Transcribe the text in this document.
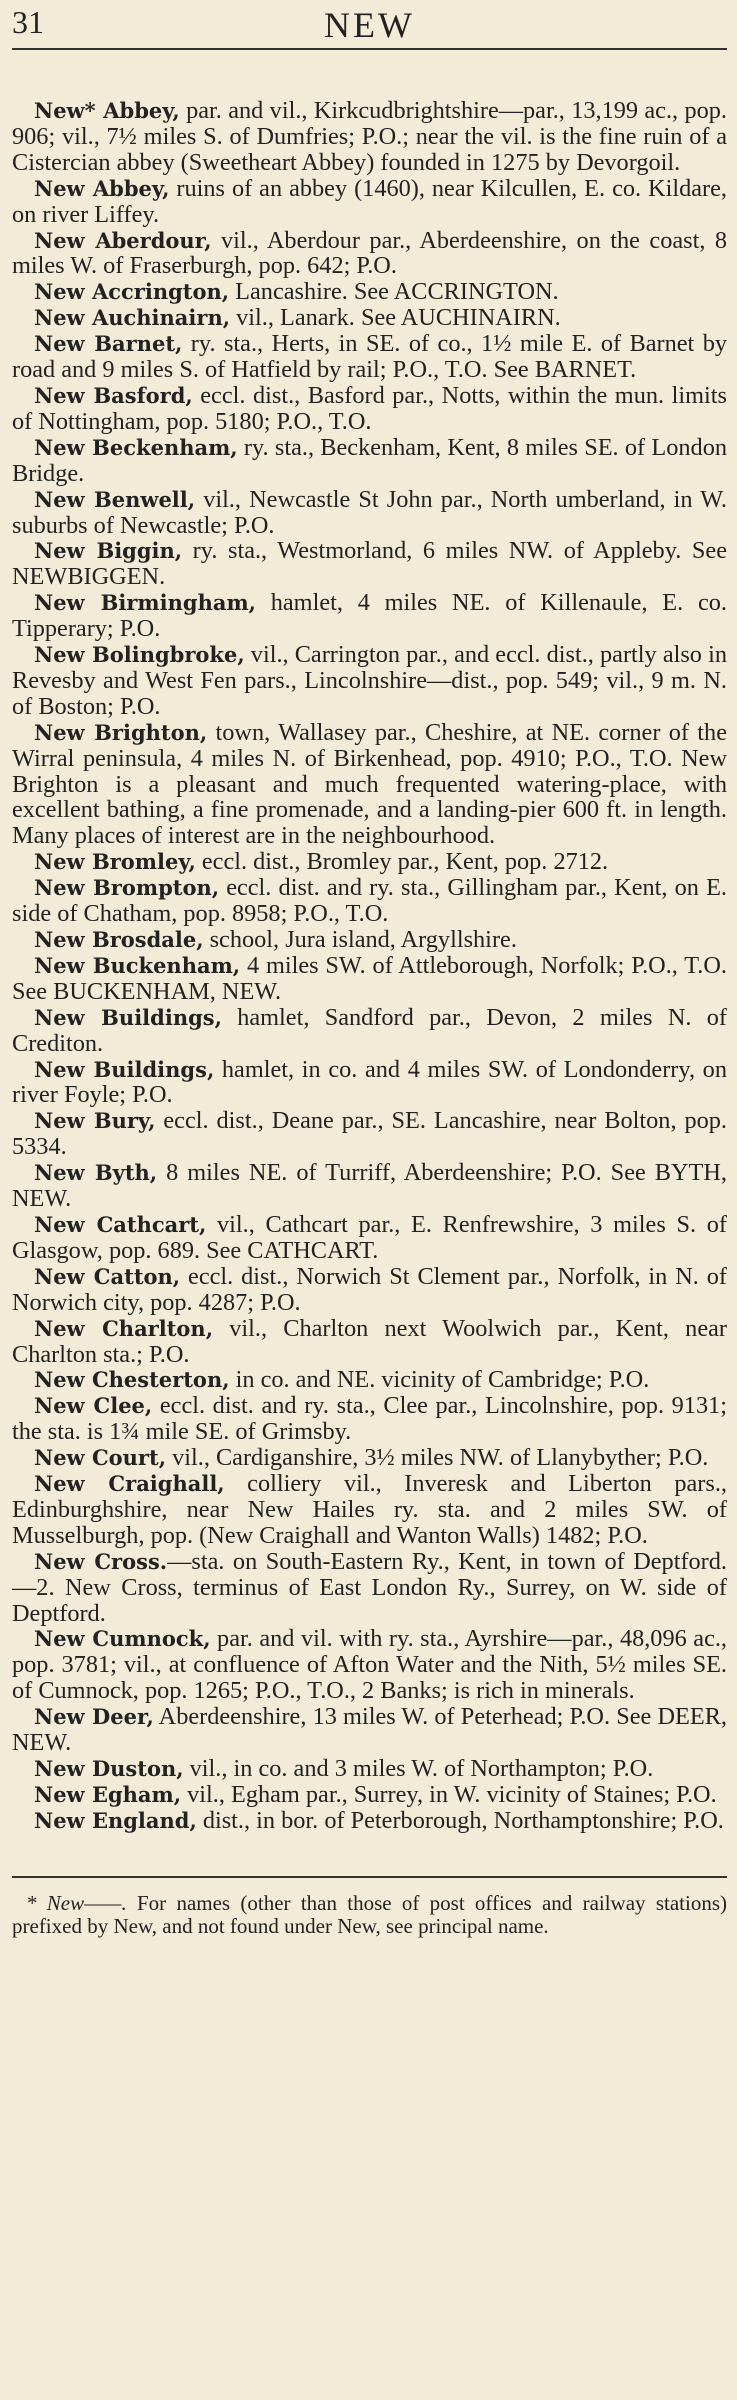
31	NEW

New* Abbey, par. and vil., Kirkcudbrightshire—par., 13,199 ac., pop. 906; vil., 7½ miles S. of Dumfries; P.O.; near the vil. is the fine ruin of a Cistercian abbey (Sweetheart Abbey) founded in 1275 by Devorgoil.

New Abbey, ruins of an abbey (1460), near Kilcullen, E. co. Kildare, on river Liffey.

New Aberdour, vil., Aberdour par., Aberdeenshire, on the coast, 8 miles W. of Fraserburgh, pop. 642; P.O.

New Accrington, Lancashire. See ACCRINGTON.

New Auchinairn, vil., Lanark. See AUCHINAIRN.

New Barnet, ry. sta., Herts, in SE. of co., 1½ mile E. of Barnet by road and 9 miles S. of Hatfield by rail; P.O., T.O. See BARNET.

New Basford, eccl. dist., Basford par., Notts, within the mun. limits of Nottingham, pop. 5180; P.O., T.O.

New Beckenham, ry. sta., Beckenham, Kent, 8 miles SE. of London Bridge.

New Benwell, vil., Newcastle St John par., North umberland, in W. suburbs of Newcastle; P.O.

New Biggin, ry. sta., Westmorland, 6 miles NW. of Appleby. See NEWBIGGEN.

New Birmingham, hamlet, 4 miles NE. of Killenaule, E. co. Tipperary; P.O.

New Bolingbroke, vil., Carrington par., and eccl. dist., partly also in Revesby and West Fen pars., Lincolnshire—dist., pop. 549; vil., 9 m. N. of Boston; P.O.

New Brighton, town, Wallasey par., Cheshire, at NE. corner of the Wirral peninsula, 4 miles N. of Birkenhead, pop. 4910; P.O., T.O. New Brighton is a pleasant and much frequented watering-place, with excellent bathing, a fine promenade, and a landing-pier 600 ft. in length. Many places of interest are in the neighbourhood.

New Bromley, eccl. dist., Bromley par., Kent, pop. 2712.

New Brompton, eccl. dist. and ry. sta., Gillingham par., Kent, on E. side of Chatham, pop. 8958; P.O., T.O.

New Brosdale, school, Jura island, Argyllshire.

New Buckenham, 4 miles SW. of Attleborough, Norfolk; P.O., T.O. See BUCKENHAM, NEW.

New Buildings, hamlet, Sandford par., Devon, 2 miles N. of Crediton.

New Buildings, hamlet, in co. and 4 miles SW. of Londonderry, on river Foyle; P.O.

New Bury, eccl. dist., Deane par., SE. Lancashire, near Bolton, pop. 5334.

New Byth, 8 miles NE. of Turriff, Aberdeenshire; P.O. See BYTH, NEW.

New Cathcart, vil., Cathcart par., E. Renfrewshire, 3 miles S. of Glasgow, pop. 689. See CATHCART.

New Catton, eccl. dist., Norwich St Clement par., Norfolk, in N. of Norwich city, pop. 4287; P.O.

New Charlton, vil., Charlton next Woolwich par., Kent, near Charlton sta.; P.O.

New Chesterton, in co. and NE. vicinity of Cambridge; P.O.

New Clee, eccl. dist. and ry. sta., Clee par., Lincolnshire, pop. 9131; the sta. is 1¾ mile SE. of Grimsby.

New Court, vil., Cardiganshire, 3½ miles NW. of Llanybyther; P.O.

New Craighall, colliery vil., Inveresk and Liberton pars., Edinburghshire, near New Hailes ry. sta. and 2 miles SW. of Musselburgh, pop. (New Craighall and Wanton Walls) 1482; P.O.

New Cross.—sta. on South-Eastern Ry., Kent, in town of Deptford.—2. New Cross, terminus of East London Ry., Surrey, on W. side of Deptford.

New Cumnock, par. and vil. with ry. sta., Ayrshire—par., 48,096 ac., pop. 3781; vil., at confluence of Afton Water and the Nith, 5½ miles SE. of Cumnock, pop. 1265; P.O., T.O., 2 Banks; is rich in minerals.

New Deer, Aberdeenshire, 13 miles W. of Peterhead; P.O. See DEER, NEW.

New Duston, vil., in co. and 3 miles W. of Northampton; P.O.

New Egham, vil., Egham par., Surrey, in W. vicinity of Staines; P.O.

New England, dist., in bor. of Peterborough, Northamptonshire; P.O.

* New——. For names (other than those of post offices and railway stations) prefixed by New, and not found under New, see principal name.
